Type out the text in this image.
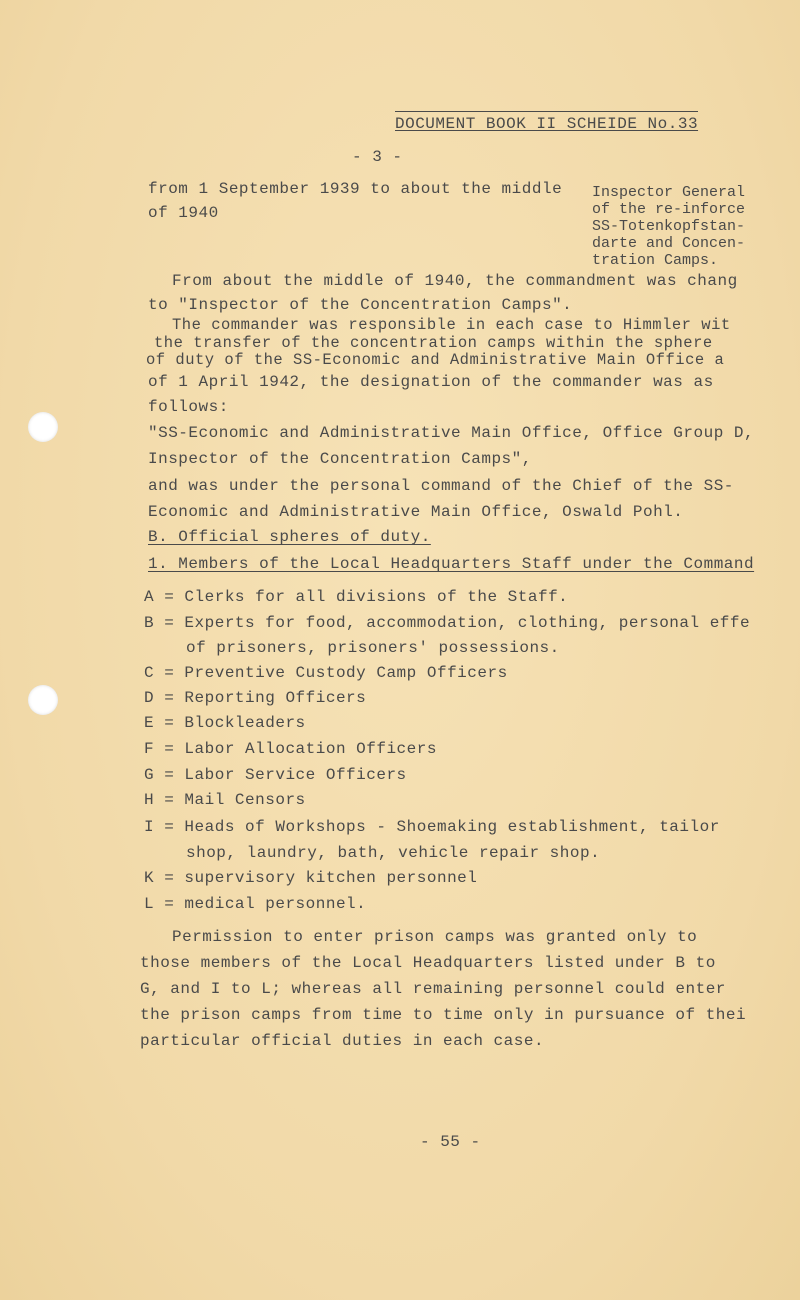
DOCUMENT BOOK II SCHEIDE No.33
- 3 -
from 1 September 1939 to about the middle
of 1940
Inspector General
of the re-inforce
SS-Totenkopfstan-
darte and Concen-
tration Camps.
From about the middle of 1940, the commandment was chang
to "Inspector of the Concentration Camps".
The commander was responsible in each case to Himmler wit
the transfer of the concentration camps within the sphere
of duty of the SS-Economic and Administrative Main Office a
of 1 April 1942, the designation of the commander was as
follows:
"SS-Economic and Administrative Main Office, Office Group D,
Inspector of the Concentration Camps",
and was under the personal command of the Chief of the SS-
Economic and Administrative Main Office, Oswald Pohl.
B. Official spheres of duty.
1. Members of the Local Headquarters Staff under the Command
A = Clerks for all divisions of the Staff.
B = Experts for food, accommodation, clothing, personal effe
of prisoners, prisoners' possessions.
C = Preventive Custody Camp Officers
D = Reporting Officers
E = Blockleaders
F = Labor Allocation Officers
G = Labor Service Officers
H = Mail Censors
I = Heads of Workshops - Shoemaking establishment, tailor
shop, laundry, bath, vehicle repair shop.
K = supervisory kitchen personnel
L = medical personnel.
Permission to enter prison camps was granted only to
those members of the Local Headquarters listed under B to
G, and I to L; whereas all remaining personnel could enter
the prison camps from time to time only in pursuance of thei
particular official duties in each case.
- 55 -
